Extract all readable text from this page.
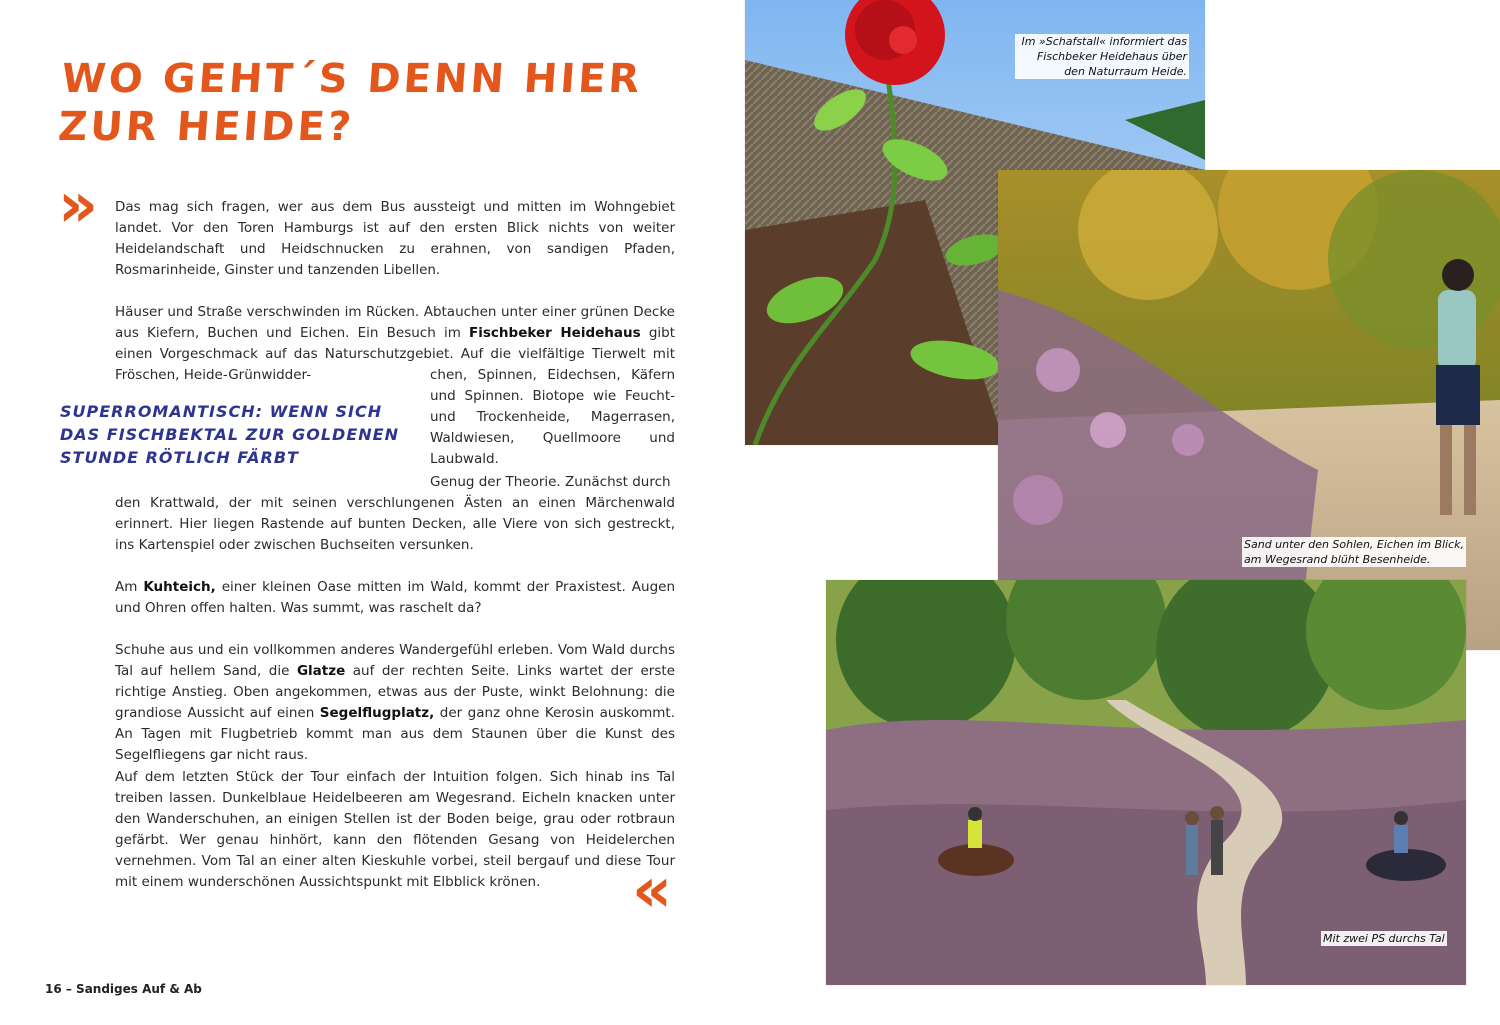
WO GEHT´S DENN HIER ZUR HEIDE?
» Das mag sich fragen, wer aus dem Bus aussteigt und mitten im Wohngebiet landet. Vor den Toren Hamburgs ist auf den ersten Blick nichts von weiter Heidelandschaft und Heidschnucken zu erahnen, von sandigen Pfaden, Rosmarinheide, Ginster und tanzenden Libellen.

Häuser und Straße verschwinden im Rücken. Abtauchen unter einer grünen Decke aus Kiefern, Buchen und Eichen. Ein Besuch im Fischbeker Heidehaus gibt einen Vorgeschmack auf das Naturschutzgebiet. Auf die vielfältige Tierwelt mit Fröschen, Heide-Grünwidder-	chen, Spinnen, Eidechsen, Käfern und Spinnen. Biotope wie Feucht- und Trockenheide, Magerrasen, Waldwiesen, Quellmoore und Laubwald.

SUPERROMANTISCH: WENN SICH DAS FISCHBEKTAL ZUR GOLDENEN STUNDE RÖTLICH FÄRBT

Genug der Theorie. Zunächst durch

den Krattwald, der mit seinen verschlungenen Ästen an einen Märchenwald erinnert. Hier liegen Rastende auf bunten Decken, alle Viere von sich gestreckt, ins Kartenspiel oder zwischen Buchseiten versunken.

Am Kuhteich, einer kleinen Oase mitten im Wald, kommt der Praxistest. Augen und Ohren offen halten. Was summt, was raschelt da?

Schuhe aus und ein vollkommen anderes Wandergefühl erleben. Vom Wald durchs Tal auf hellem Sand, die Glatze auf der rechten Seite. Links wartet der erste richtige Anstieg. Oben angekommen, etwas aus der Puste, winkt Belohnung: die grandiose Aussicht auf einen Segelflugplatz, der ganz ohne Kerosin auskommt. An Tagen mit Flugbetrieb kommt man aus dem Staunen über die Kunst des Segelfliegens gar nicht raus.

Auf dem letzten Stück der Tour einfach der Intuition folgen. Sich hinab ins Tal treiben lassen. Dunkelblaue Heidelbeeren am Wegesrand. Eicheln knacken unter den Wanderschuhen, an einigen Stellen ist der Boden beige, grau oder rotbraun gefärbt. Wer genau hinhört, kann den flötenden Gesang von Heidelerchen vernehmen. Vom Tal an einer alten Kieskuhle vorbei, steil bergauf und diese Tour mit einem wunderschönen Aussichtspunkt mit Elbblick krönen.	«
16 – Sandiges Auf & Ab
Im »Schafstall« informiert das Fischbeker Heidehaus über den Naturraum Heide.
Sand unter den Sohlen, Eichen im Blick, am Wegesrand blüht Besenheide.
Mit zwei PS durchs Tal
